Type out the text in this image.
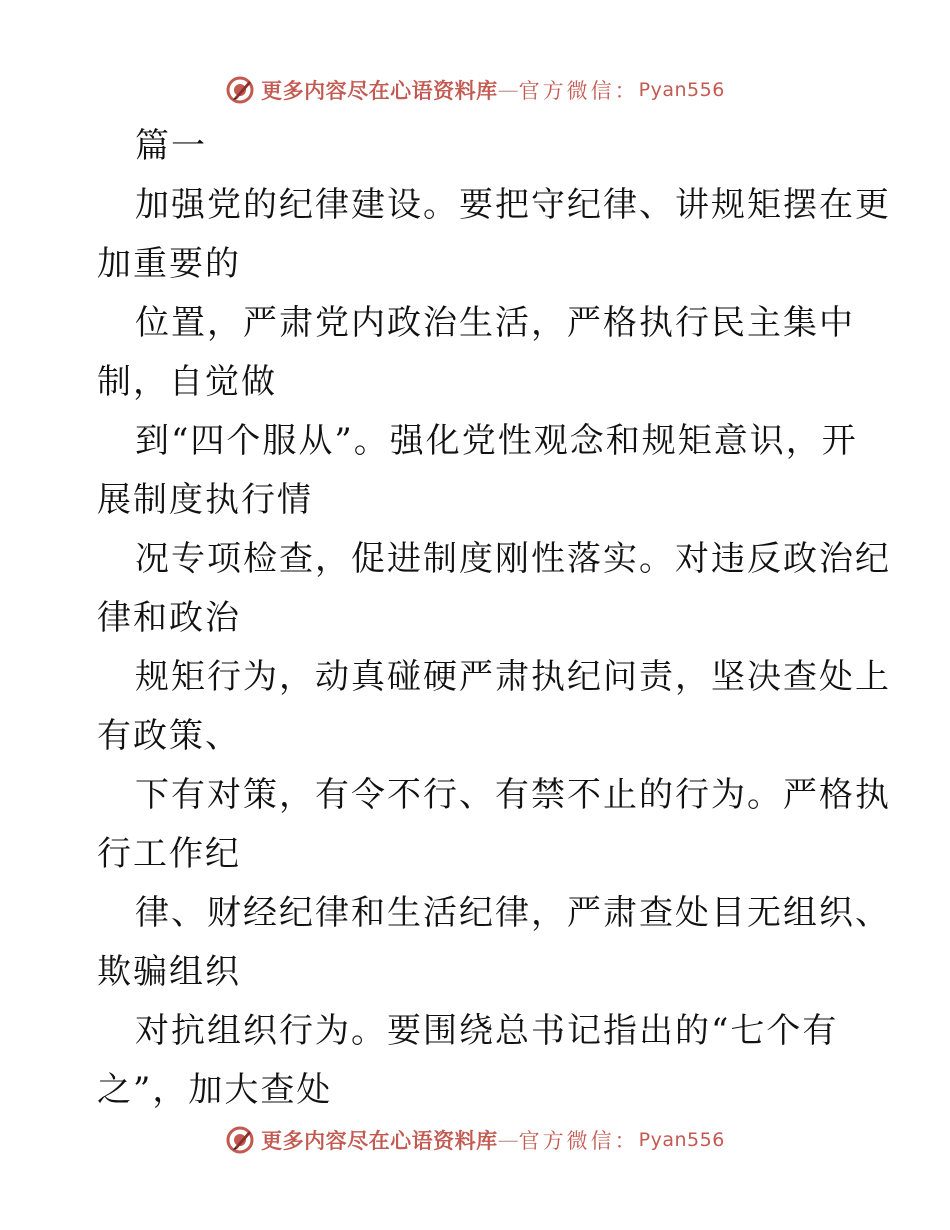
更多内容尽在心语资料库 — 官方微信： Pyan556
篇一
加强党的纪律建设。要把守纪律、讲规矩摆在更
加重要的
位置，严肃党内政治生活，严格执行民主集中
制，自觉做
到“四个服从”。强化党性观念和规矩意识，开
展制度执行情
况专项检查，促进制度刚性落实。对违反政治纪
律和政治
规矩行为，动真碰硬严肃执纪问责，坚决查处上
有政策、
下有对策，有令不行、有禁不止的行为。严格执
行工作纪
律、财经纪律和生活纪律，严肃查处目无组织、
欺骗组织
对抗组织行为。要围绕总书记指出的“七个有
之”，加大查处
更多内容尽在心语资料库 — 官方微信： Pyan556
